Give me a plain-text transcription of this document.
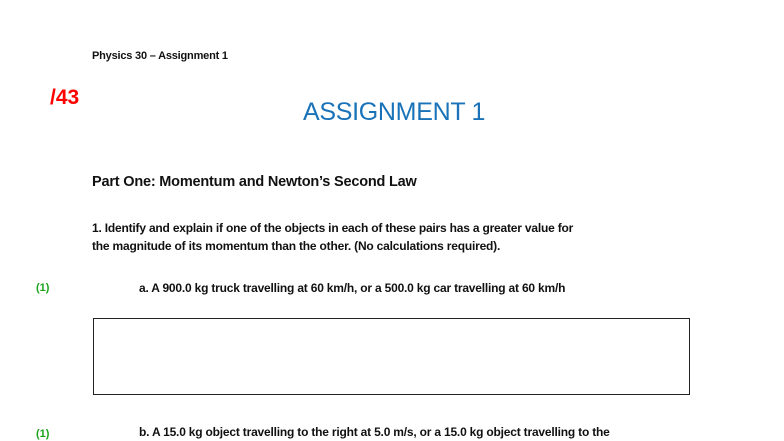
Physics 30 – Assignment 1
/43
ASSIGNMENT 1
Part One: Momentum and Newton’s Second Law
1. Identify and explain if one of the objects in each of these pairs has a greater value for
the magnitude of its momentum than the other. (No calculations required).
(1)	a. A 900.0 kg truck travelling at 60 km/h, or a 500.0 kg car travelling at 60 km/h
(1)	b. A 15.0 kg object travelling to the right at 5.0 m/s, or a 15.0 kg object travelling to the
